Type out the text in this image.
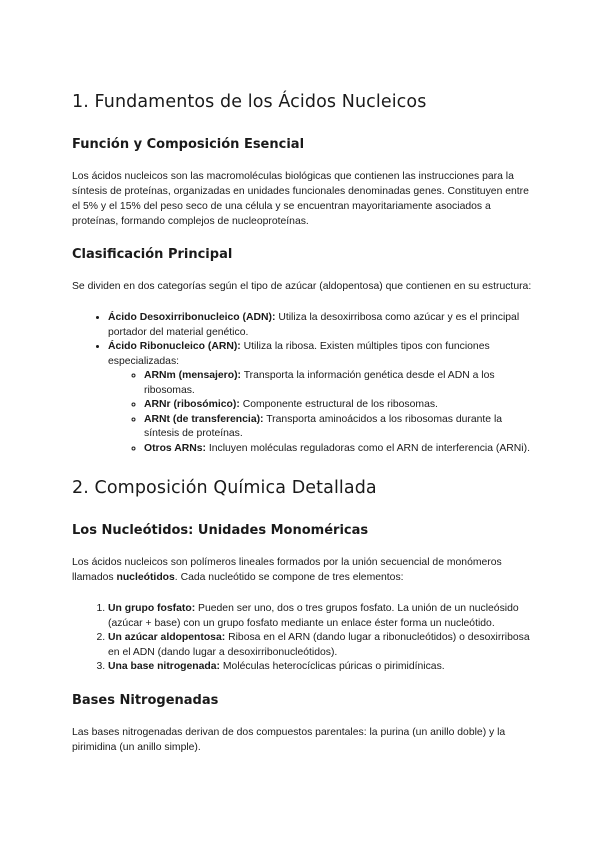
1. Fundamentos de los Ácidos Nucleicos
Función y Composición Esencial

Los ácidos nucleicos son las macromoléculas biológicas que contienen las instrucciones para la síntesis de proteínas, organizadas en unidades funcionales denominadas genes. Constituyen entre el 5% y el 15% del peso seco de una célula y se encuentran mayoritariamente asociados a proteínas, formando complejos de nucleoproteínas.

Clasificación Principal

Se dividen en dos categorías según el tipo de azúcar (aldopentosa) que contienen en su estructura:

• Ácido Desoxirribonucleico (ADN): Utiliza la desoxirribosa como azúcar y es el principal portador del material genético.
• Ácido Ribonucleico (ARN): Utiliza la ribosa. Existen múltiples tipos con funciones especializadas:
◦ ARNm (mensajero): Transporta la información genética desde el ADN a los ribosomas.
◦ ARNr (ribosómico): Componente estructural de los ribosomas.
◦ ARNt (de transferencia): Transporta aminoácidos a los ribosomas durante la síntesis de proteínas.
◦ Otros ARNs: Incluyen moléculas reguladoras como el ARN de interferencia (ARNi).
2. Composición Química Detallada
Los Nucleótidos: Unidades Monoméricas

Los ácidos nucleicos son polímeros lineales formados por la unión secuencial de monómeros llamados nucleótidos. Cada nucleótido se compone de tres elementos:

1. Un grupo fosfato: Pueden ser uno, dos o tres grupos fosfato. La unión de un nucleósido (azúcar + base) con un grupo fosfato mediante un enlace éster forma un nucleótido.
2. Un azúcar aldopentosa: Ribosa en el ARN (dando lugar a ribonucleótidos) o desoxirribosa en el ADN (dando lugar a desoxirribonucleótidos).
3. Una base nitrogenada: Moléculas heterocíclicas púricas o pirimidínicas.
Bases Nitrogenadas

Las bases nitrogenadas derivan de dos compuestos parentales: la purina (un anillo doble) y la pirimidina (un anillo simple).
